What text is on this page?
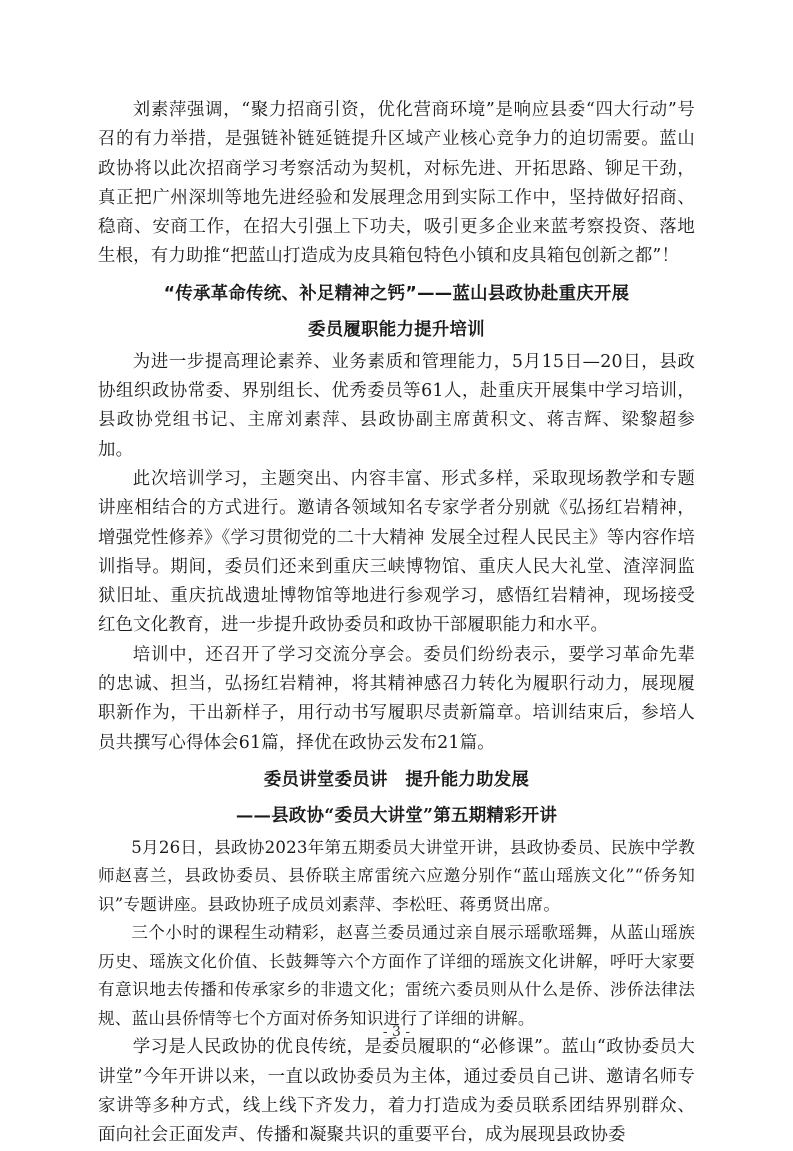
刘素萍强调，“聚力招商引资，优化营商环境”是响应县委“四大行动”号召的有力举措，是强链补链延链提升区域产业核心竞争力的迫切需要。蓝山政协将以此次招商学习考察活动为契机，对标先进、开拓思路、铆足干劲，真正把广州深圳等地先进经验和发展理念用到实际工作中，坚持做好招商、稳商、安商工作，在招大引强上下功夫，吸引更多企业来蓝考察投资、落地生根，有力助推“把蓝山打造成为皮具箱包特色小镇和皮具箱包创新之都”！

“传承革命传统、补足精神之钙”——蓝山县政协赴重庆开展
委员履职能力提升培训

为进一步提高理论素养、业务素质和管理能力，5月15日—20日，县政协组织政协常委、界别组长、优秀委员等61人，赴重庆开展集中学习培训，县政协党组书记、主席刘素萍、县政协副主席黄积文、蒋吉辉、梁黎超参加。

此次培训学习，主题突出、内容丰富、形式多样，采取现场教学和专题讲座相结合的方式进行。邀请各领域知名专家学者分别就《弘扬红岩精神，增强党性修养》《学习贯彻党的二十大精神 发展全过程人民民主》等内容作培训指导。期间，委员们还来到重庆三峡博物馆、重庆人民大礼堂、渣滓洞监狱旧址、重庆抗战遗址博物馆等地进行参观学习，感悟红岩精神，现场接受红色文化教育，进一步提升政协委员和政协干部履职能力和水平。

培训中，还召开了学习交流分享会。委员们纷纷表示，要学习革命先辈的忠诚、担当，弘扬红岩精神，将其精神感召力转化为履职行动力，展现履职新作为，干出新样子，用行动书写履职尽责新篇章。培训结束后，参培人员共撰写心得体会61篇，择优在政协云发布21篇。

委员讲堂委员讲　提升能力助发展
——县政协“委员大讲堂”第五期精彩开讲

5月26日，县政协2023年第五期委员大讲堂开讲，县政协委员、民族中学教师赵喜兰，县政协委员、县侨联主席雷统六应邀分别作“蓝山瑶族文化”“侨务知识”专题讲座。县政协班子成员刘素萍、李松旺、蒋勇贤出席。

三个小时的课程生动精彩，赵喜兰委员通过亲自展示瑶歌瑶舞，从蓝山瑶族历史、瑶族文化价值、长鼓舞等六个方面作了详细的瑶族文化讲解，呼吁大家要有意识地去传播和传承家乡的非遗文化；雷统六委员则从什么是侨、涉侨法律法规、蓝山县侨情等七个方面对侨务知识进行了详细的讲解。

学习是人民政协的优良传统，是委员履职的“必修课”。蓝山“政协委员大讲堂”今年开讲以来，一直以政协委员为主体，通过委员自己讲、邀请名师专家讲等多种方式，线上线下齐发力，着力打造成为委员联系团结界别群众、面向社会正面发声、传播和凝聚共识的重要平台，成为展现县政协委

- 3 -
